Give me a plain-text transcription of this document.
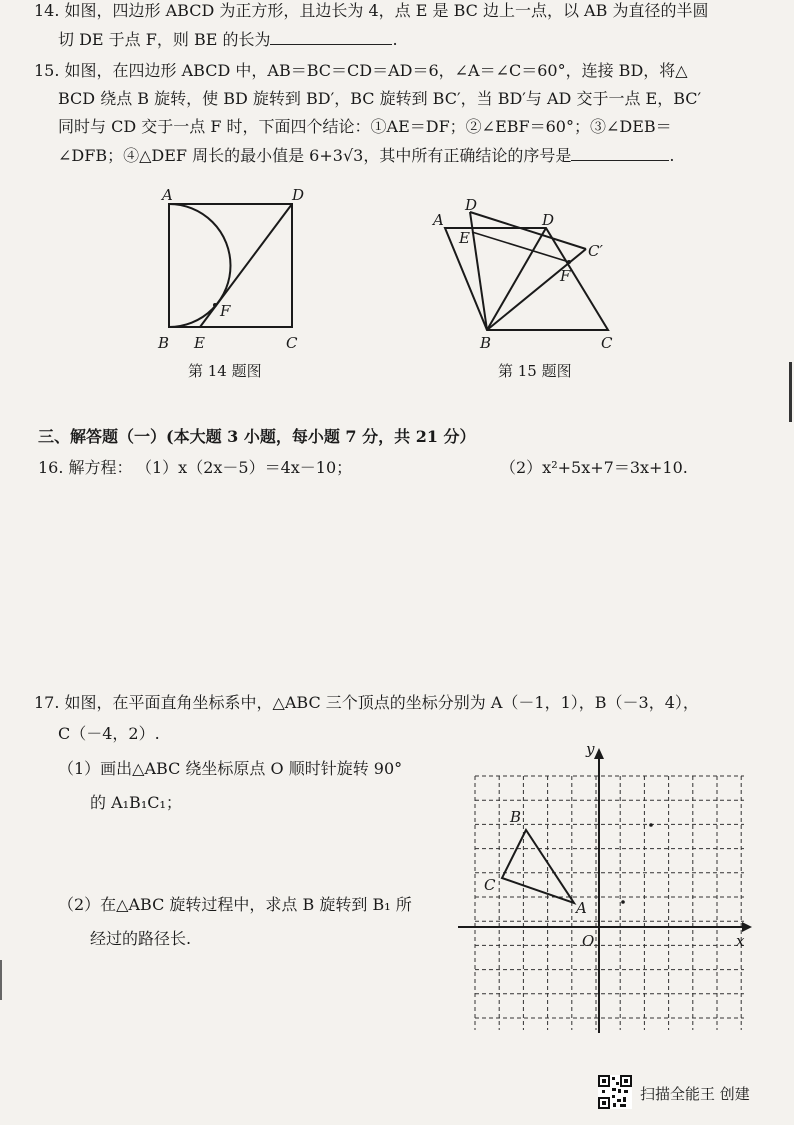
14. 如图，四边形 ABCD 为正方形，且边长为 4，点 E 是 BC 边上一点，以 AB 为直径的半圆
切 DE 于点 F，则 BE 的长为	.
15. 如图，在四边形 ABCD 中，AB＝BC＝CD＝AD＝6，∠A＝∠C＝60°，连接 BD，将△
BCD 绕点 B 旋转，使 BD 旋转到 BD′，BC 旋转到 BC′，当 BD′与 AD 交于一点 E，BC′
同时与 CD 交于一点 F 时，下面四个结论：①AE＝DF；②∠EBF＝60°；③∠DEB＝
∠DFB；④△DEF 周长的最小值是 6+3√3，其中所有正确结论的序号是	.
A	D
B E	C
F
第 14 题图
A
D
D
E
C′
F
B	C
第 15 题图
三、解答题（一）(本大题 3 小题，每小题 7 分，共 21 分）
16. 解方程： （1）x（2x－5）＝4x－10；	（2）x²+5x+7＝3x+10.
17. 如图，在平面直角坐标系中，△ABC 三个顶点的坐标分别为 A（－1，1），B（－3，4），
C（－4，2）.
（1）画出△ABC 绕坐标原点 O 顺时针旋转 90°
的 A₁B₁C₁；
（2）在△ABC 旋转过程中，求点 B 旋转到 B₁ 所
经过的路径长.	x
y
O
A
B
C
扫描全能王 创建
